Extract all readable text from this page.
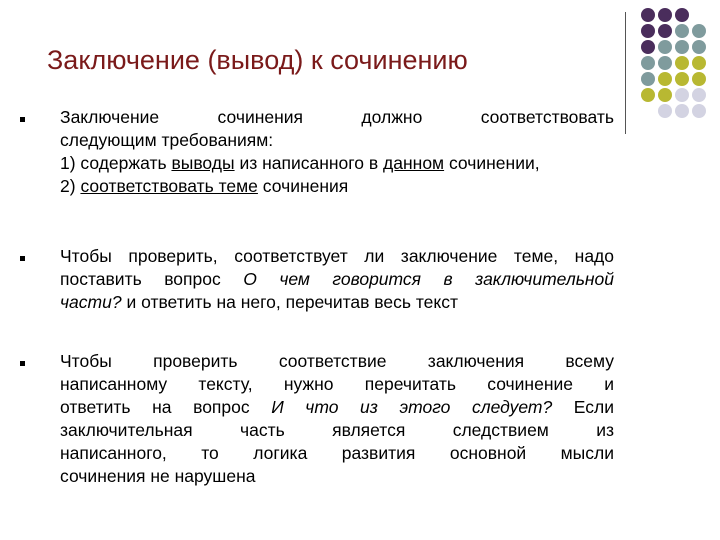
Заключение (вывод) к сочинению
Заключение сочинения должно соответствовать
следующим требованиям:
1) содержать выводы из написанного в данном сочинении,
2) соответствовать теме сочинения
Чтобы проверить, соответствует ли заключение теме, надо
поставить вопрос О чем говорится в заключительной
части? и ответить на него, перечитав весь текст
Чтобы проверить соответствие заключения всему
написанному тексту, нужно перечитать сочинение и
ответить на вопрос И что из этого следует? Если
заключительная часть является следствием из
написанного, то логика развития основной мысли
сочинения не нарушена
